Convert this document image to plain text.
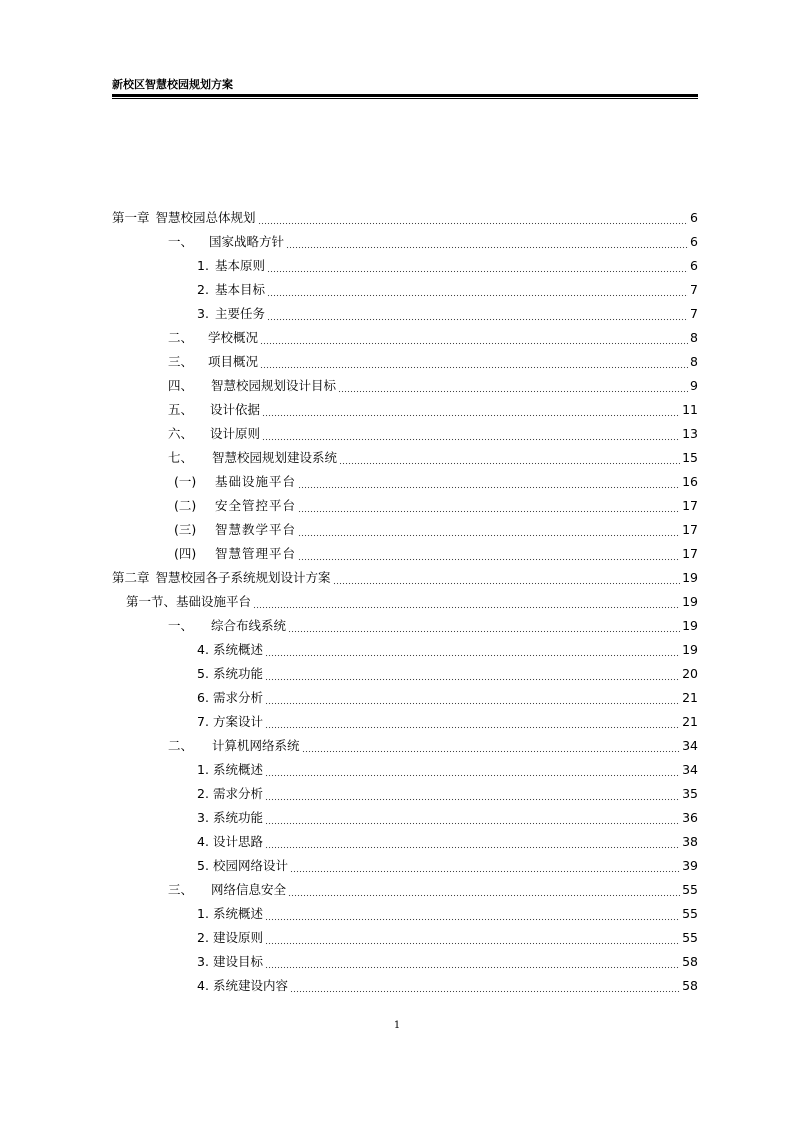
新校区智慧校园规划方案
第一章 智慧校园总体规划	6
一、	国家战略方针	6
1. 基本原则	6
2. 基本目标	7
3. 主要任务	7
二、	学校概况	8
三、	项目概况	8
四、	智慧校园规划设计目标	9
五、	设计依据	11
六、	设计原则	13
七、	智慧校园规划建设系统	15
(一)	基础设施平台	16
(二)	安全管控平台	17
(三)	智慧教学平台	17
(四)	智慧管理平台	17
第二章 智慧校园各子系统规划设计方案	19
第一节、 基础设施平台	19
一、	综合布线系统	19
4. 系统概述	19
5. 系统功能	20
6. 需求分析	21
7. 方案设计	21
二、	计算机网络系统	34
1. 系统概述	34
2. 需求分析	35
3. 系统功能	36
4. 设计思路	38
5. 校园网络设计	39
三、	网络信息安全	55
1. 系统概述	55
2. 建设原则	55
3. 建设目标	58
4. 系统建设内容	58
1
